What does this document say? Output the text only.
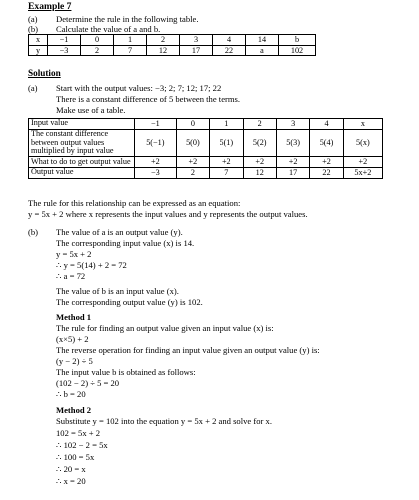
Example 7
(a)	Determine the rule in the following table.
(b)	Calculate the value of a and b.
x	−1	0	1	2	3	4	14	b
y	−3	2	7	12	17	22	a	102
Solution
(a) Start with the output values: −3; 2; 7; 12; 17; 22
There is a constant difference of 5 between the terms.
Make use of a table.
Input value	−1	0	1	2	3	4	x
The constant difference between output values multiplied by input value	5(−1)	5(0)	5(1)	5(2)	5(3)	5(4)	5(x)
What to do to get output value	+2	+2	+2	+2	+2	+2	+2
Output value	−3	2	7	12	17	22	5x+2
The rule for this relationship can be expressed as an equation:
y = 5x + 2 where x represents the input values and y represents the output values.
(b) The value of a is an output value (y).
The corresponding input value (x) is 14.
y = 5x + 2
∴ y = 5(14) + 2 = 72
∴ a = 72
The value of b is an input value (x).
The corresponding output value (y) is 102.
Method 1
The rule for finding an output value given an input value (x) is:
(x×5) + 2
The reverse operation for finding an input value given an output value (y) is:
(y − 2) ÷ 5
The input value b is obtained as follows:
(102 − 2) ÷ 5 = 20
∴ b = 20
Method 2
Substitute y = 102 into the equation y = 5x + 2 and solve for x.
102 = 5x + 2
∴ 102 − 2 = 5x
∴ 100 = 5x
∴ 20 = x
∴ x = 20
